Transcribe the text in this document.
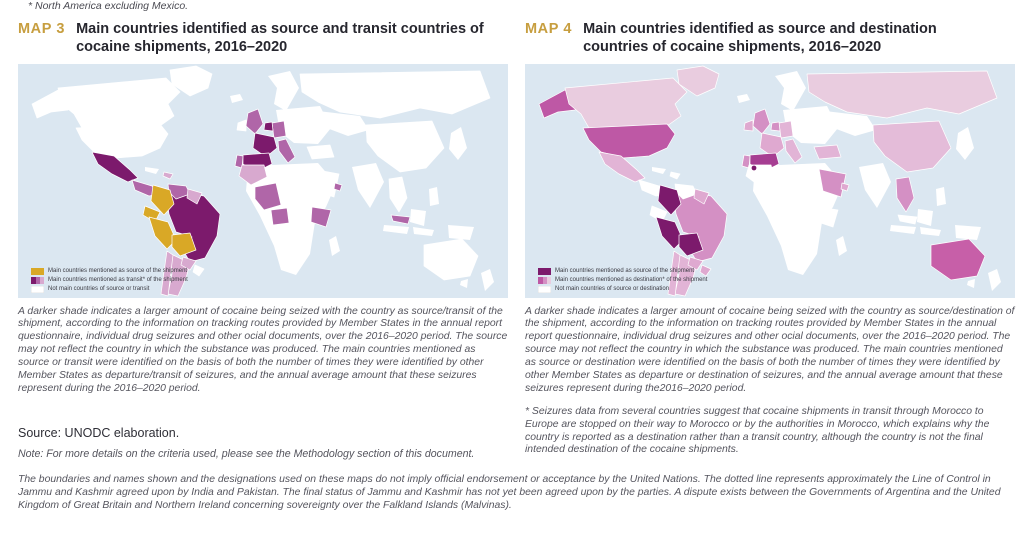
* North America excluding Mexico.
MAP 3 Main countries identified as source and transit countries of cocaine shipments, 2016–2020
Main countries mentioned as source of the shipment
Main countries mentioned as transit* of the shipment
Not main countries of source or transit
A darker shade indicates a larger amount of cocaine being seized with the country as source/transit of the shipment, according to the information on tracking routes provided by Member States in the annual report questionnaire, individual drug seizures and other ocial documents, over the 2016–2020 period. The source may not reflect the country in which the substance was produced. The main countries mentioned as source or transit were identified on the basis of both the number of times they were identified by other Member States as departure/transit of seizures, and the annual average amount that these seizures represent during the 2016–2020 period.
Source: UNODC elaboration.
Note: For more details on the criteria used, please see the Methodology section of this document.
MAP 4 Main countries identified as source and destination countries of cocaine shipments, 2016–2020
Main countries mentioned as source of the shipment
Main countries mentioned as destination* of the shipment
Not main countries of source or destination
A darker shade indicates a larger amount of cocaine being seized with the country as source/destination of the shipment, according to the information on tracking routes provided by Member States in the annual report questionnaire, individual drug seizures and other ocial documents, over the 2016–2020 period. The source may not reflect the country in which the substance was produced. The main countries mentioned as source or destination were identified on the basis of both the number of times they were identified by other Member States as departure or destination of seizures, and the annual average amount that these seizures represent during the2016–2020 period.
* Seizures data from several countries suggest that cocaine shipments in transit through Morocco to Europe are stopped on their way to Morocco or by the authorities in Morocco, which explains why the country is reported as a destination rather than a transit country, although the country is not the final intended destination of the cocaine shipments.
The boundaries and names shown and the designations used on these maps do not imply official endorsement or acceptance by the United Nations. The dotted line represents approximately the Line of Control in Jammu and Kashmir agreed upon by India and Pakistan. The final status of Jammu and Kashmir has not yet been agreed upon by the parties. A dispute exists between the Governments of Argentina and the United Kingdom of Great Britain and Northern Ireland concerning sovereignty over the Falkland Islands (Malvinas).
